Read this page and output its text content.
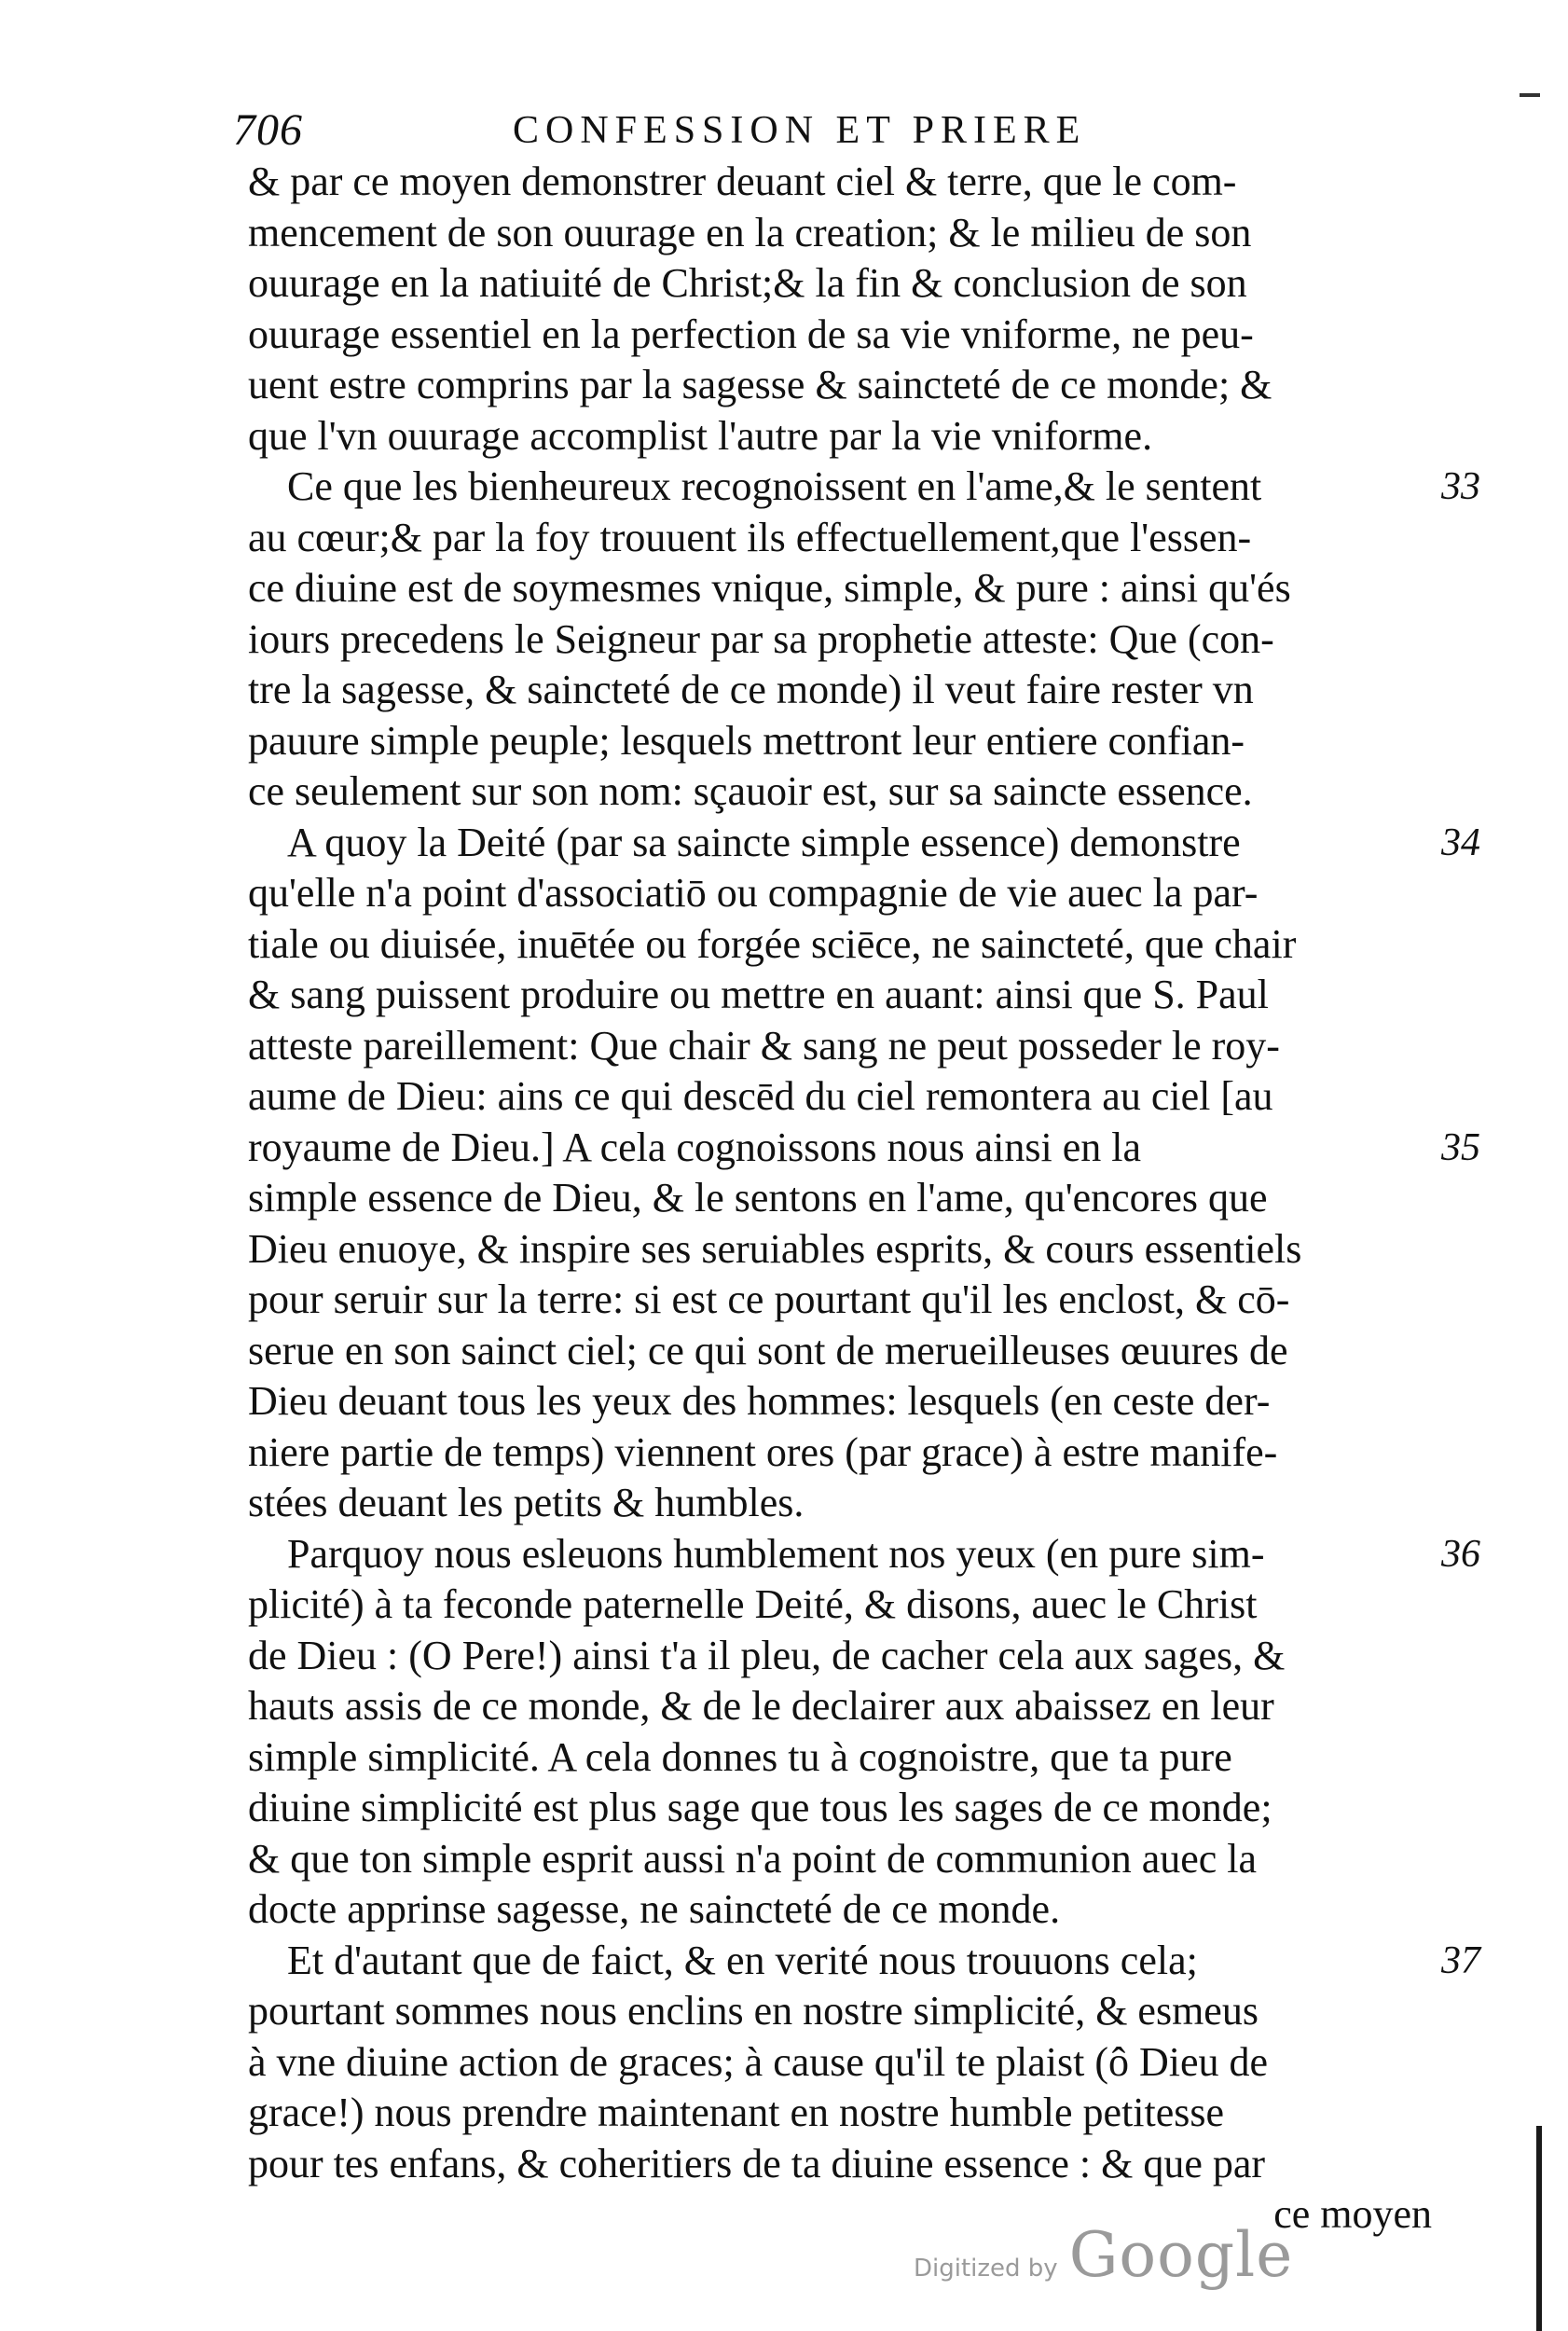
706	CONFESSION ET PRIERE
& par ce moyen demonstrer deuant ciel & terre, que le com-
mencement de son ouurage en la creation; & le milieu de son
ouurage en la natiuité de Christ;& la fin & conclusion de son
ouurage essentiel en la perfection de sa vie vniforme, ne peu-
uent estre comprins par la sagesse & saincteté de ce monde; &
que l'vn ouurage accomplist l'autre par la vie vniforme.
Ce que les bienheureux recognoissent en l'ame,& le sentent	33
au cœur;& par la foy trouuent ils effectuellement,que l'essen-
ce diuine est de soymesmes vnique, simple, & pure : ainsi qu'és
iours precedens le Seigneur par sa prophetie atteste: Que (con-
tre la sagesse, & saincteté de ce monde) il veut faire rester vn
pauure simple peuple; lesquels mettront leur entiere confian-
ce seulement sur son nom: sçauoir est, sur sa saincte essence.
A quoy la Deité (par sa saincte simple essence) demonstre	34
qu'elle n'a point d'associatiō ou compagnie de vie auec la par-
tiale ou diuisée, inuētée ou forgée sciēce, ne saincteté, que chair
& sang puissent produire ou mettre en auant: ainsi que S. Paul
atteste pareillement: Que chair & sang ne peut posseder le roy-
aume de Dieu: ains ce qui descēd du ciel remontera au ciel [au
royaume de Dieu.] A cela cognoissons nous ainsi en la	35
simple essence de Dieu, & le sentons en l'ame, qu'encores que
Dieu enuoye, & inspire ses seruiables esprits, & cours essentiels
pour seruir sur la terre: si est ce pourtant qu'il les enclost, & cō-
serue en son sainct ciel; ce qui sont de merueilleuses œuures de
Dieu deuant tous les yeux des hommes: lesquels (en ceste der-
niere partie de temps) viennent ores (par grace) à estre manife-
stées deuant les petits & humbles.
Parquoy nous esleuons humblement nos yeux (en pure sim-	36
plicité) à ta feconde paternelle Deité, & disons, auec le Christ
de Dieu : (O Pere!) ainsi t'a il pleu, de cacher cela aux sages, &
hauts assis de ce monde, & de le declairer aux abaissez en leur
simple simplicité. A cela donnes tu à cognoistre, que ta pure
diuine simplicité est plus sage que tous les sages de ce monde;
& que ton simple esprit aussi n'a point de communion auec la
docte apprinse sagesse, ne saincteté de ce monde.
Et d'autant que de faict, & en verité nous trouuons cela;	37
pourtant sommes nous enclins en nostre simplicité, & esmeus
à vne diuine action de graces; à cause qu'il te plaist (ô Dieu de
grace!) nous prendre maintenant en nostre humble petitesse
pour tes enfans, & coheritiers de ta diuine essence : & que par
ce moyen
Digitized by Google
